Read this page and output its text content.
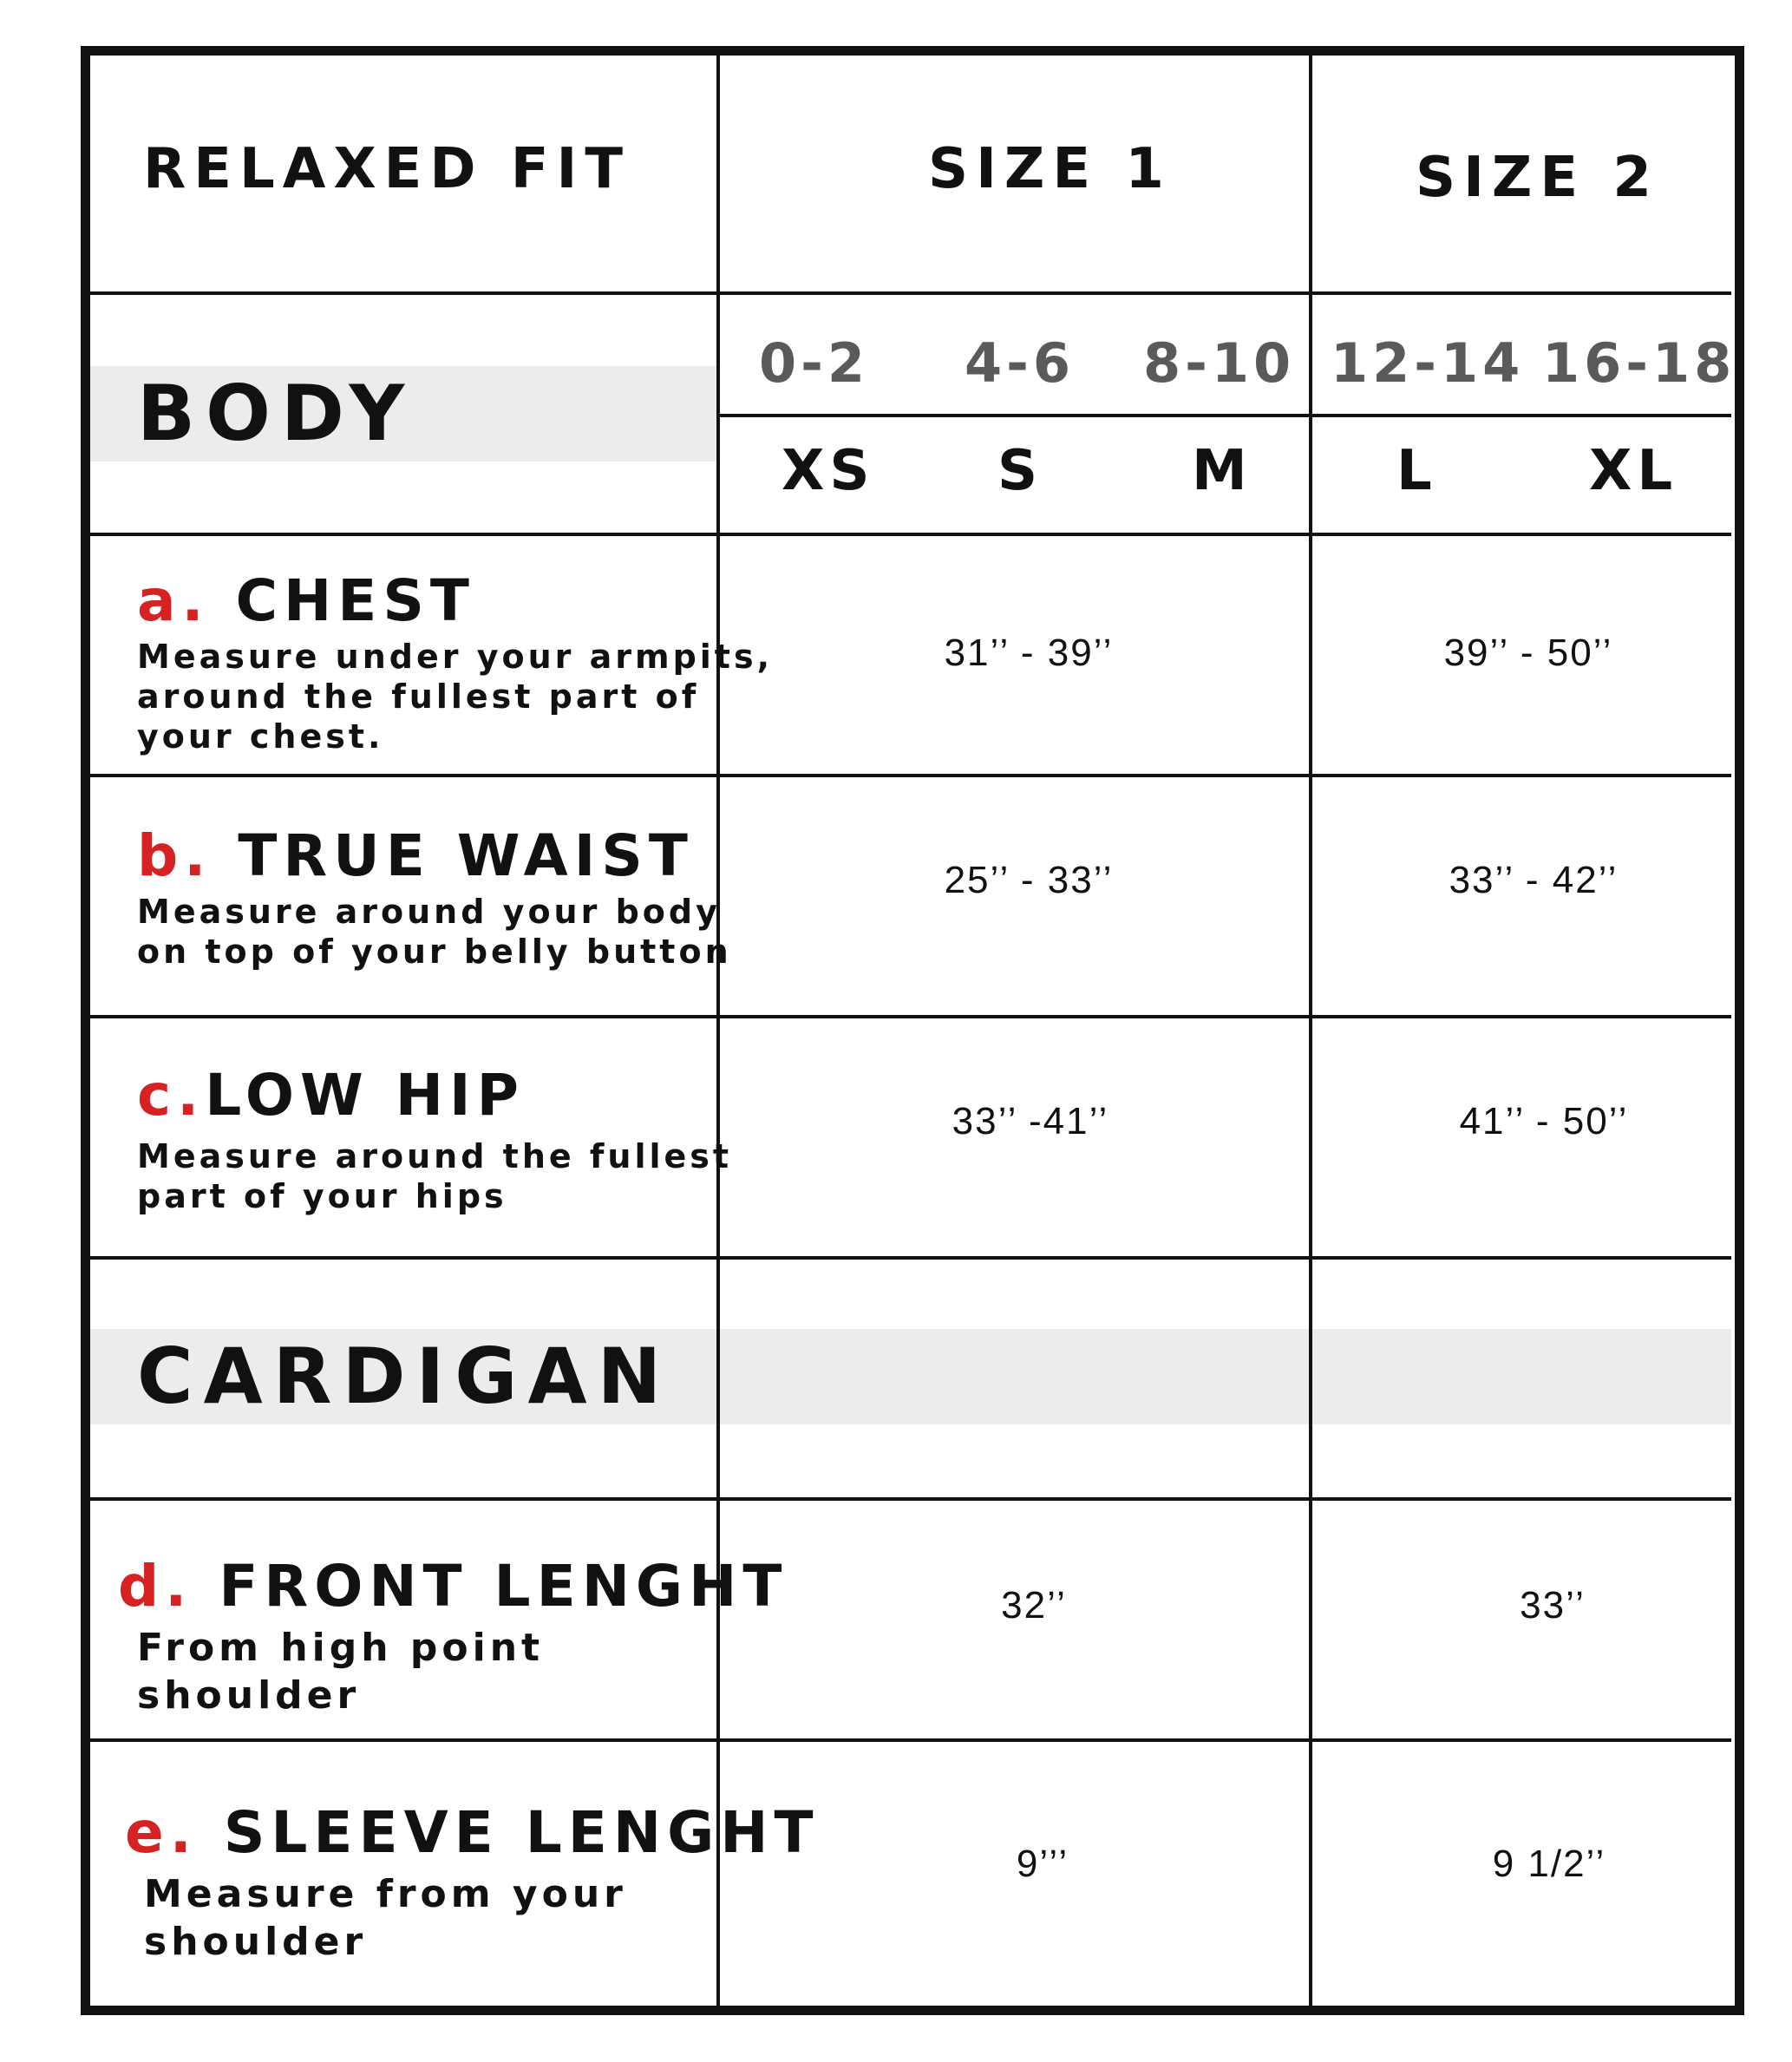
RELAXED FIT	SIZE 1	SIZE 2
BODY
0-2 4-6 8-10 12-14 16-18
XS S	M	L	XL
a. CHEST
Measure under your armpits,
around the fullest part of
your chest.
31’’ - 39’’	39’’ - 50’’
b. TRUE WAIST
Measure around your body
on top of your belly button
25’’ - 33’’	33’’ - 42’’
c.LOW HIP
Measure around the fullest
part of your hips
33’’ -41’’	41’’ - 50’’
CARDIGAN
d. FRONT LENGHT
From high point
shoulder
32’’	33’’
e. SLEEVE LENGHT
Measure from your
shoulder
9’’’	9 1/2’’
